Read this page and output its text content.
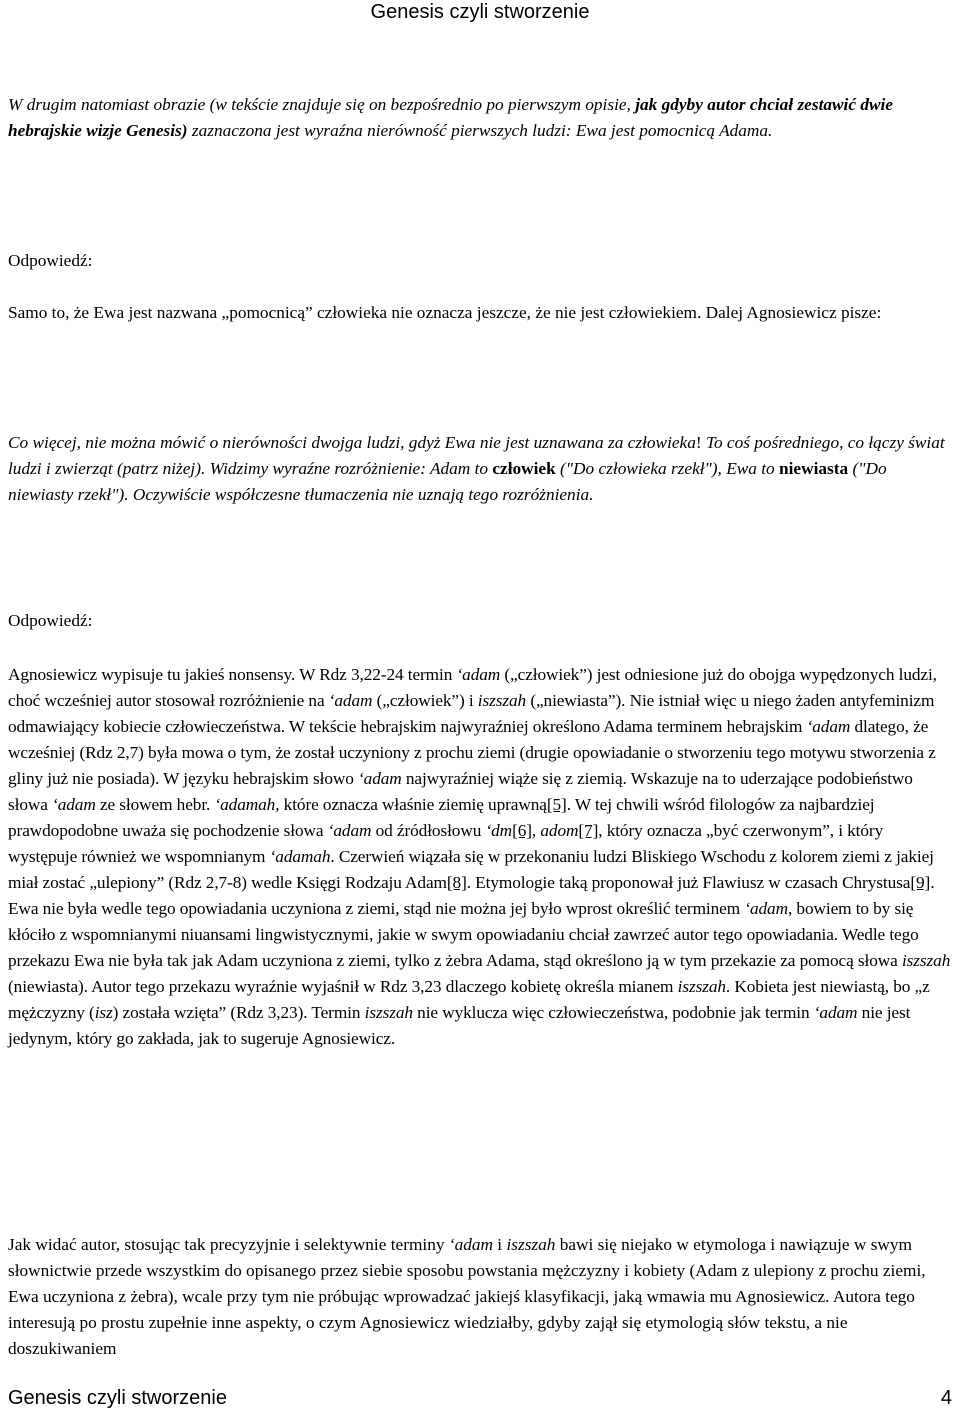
Genesis czyli stworzenie

W drugim natomiast obrazie (w tekście znajduje się on bezpośrednio po pierwszym opisie, jak gdyby autor chciał zestawić dwie hebrajskie wizje Genesis) zaznaczona jest wyraźna nierówność pierwszych ludzi: Ewa jest pomocnicą Adama.

Odpowiedź:

Samo to, że Ewa jest nazwana „pomocnicą” człowieka nie oznacza jeszcze, że nie jest człowiekiem. Dalej Agnosiewicz pisze:

Co więcej, nie można mówić o nierówności dwojga ludzi, gdyż Ewa nie jest uznawana za człowieka! To coś pośredniego, co łączy świat ludzi i zwierząt (patrz niżej). Widzimy wyraźne rozróżnienie: Adam to człowiek ("Do człowieka rzekł"), Ewa to niewiasta ("Do niewiasty rzekł"). Oczywiście współczesne tłumaczenia nie uznają tego rozróżnienia.

Odpowiedź:

Agnosiewicz wypisuje tu jakieś nonsensy. W Rdz 3,22-24 termin ‘adam („człowiek”) jest odniesione już do obojga wypędzonych ludzi, choć wcześniej autor stosował rozróżnienie na ‘adam („człowiek”) i iszszah („niewiasta”). Nie istniał więc u niego żaden antyfeminizm odmawiający kobiecie człowieczeństwa. W tekście hebrajskim najwyraźniej określono Adama terminem hebrajskim ‘adam dlatego, że wcześniej (Rdz 2,7) była mowa o tym, że został uczyniony z prochu ziemi (drugie opowiadanie o stworzeniu tego motywu stworzenia z gliny już nie posiada). W języku hebrajskim słowo ‘adam najwyraźniej wiąże się z ziemią. Wskazuje na to uderzające podobieństwo słowa ‘adam ze słowem hebr. ‘adamah, które oznacza właśnie ziemię uprawną[5]. W tej chwili wśród filologów za najbardziej prawdopodobne uważa się pochodzenie słowa ‘adam od źródłosłowu ‘dm[6], adom[7], który oznacza „być czerwonym”, i który występuje również we wspomnianym ‘adamah. Czerwień wiązała się w przekonaniu ludzi Bliskiego Wschodu z kolorem ziemi z jakiej miał zostać „ulepiony” (Rdz 2,7-8) wedle Księgi Rodzaju Adam[8]. Etymologie taką proponował już Flawiusz w czasach Chrystusa[9]. Ewa nie była wedle tego opowiadania uczyniona z ziemi, stąd nie można jej było wprost określić terminem ‘adam, bowiem to by się kłóciło z wspomnianymi niuansami lingwistycznymi, jakie w swym opowiadaniu chciał zawrzeć autor tego opowiadania. Wedle tego przekazu Ewa nie była tak jak Adam uczyniona z ziemi, tylko z żebra Adama, stąd określono ją w tym przekazie za pomocą słowa iszszah (niewiasta). Autor tego przekazu wyraźnie wyjaśnił w Rdz 3,23 dlaczego kobietę określa mianem iszszah. Kobieta jest niewiastą, bo „z mężczyzny (isz) została wzięta” (Rdz 3,23). Termin iszszah nie wyklucza więc człowieczeństwa, podobnie jak termin ‘adam nie jest jedynym, który go zakłada, jak to sugeruje Agnosiewicz.

Jak widać autor, stosując tak precyzyjnie i selektywnie terminy ‘adam i iszszah bawi się niejako w etymologa i nawiązuje w swym słownictwie przede wszystkim do opisanego przez siebie sposobu powstania mężczyzny i kobiety (Adam z ulepiony z prochu ziemi, Ewa uczyniona z żebra), wcale przy tym nie próbując wprowadzać jakiejś klasyfikacji, jaką wmawia mu Agnosiewicz. Autora tego interesują po prostu zupełnie inne aspekty, o czym Agnosiewicz wiedziałby, gdyby zajął się etymologią słów tekstu, a nie doszukiwaniem

Genesis czyli stworzenie	4
